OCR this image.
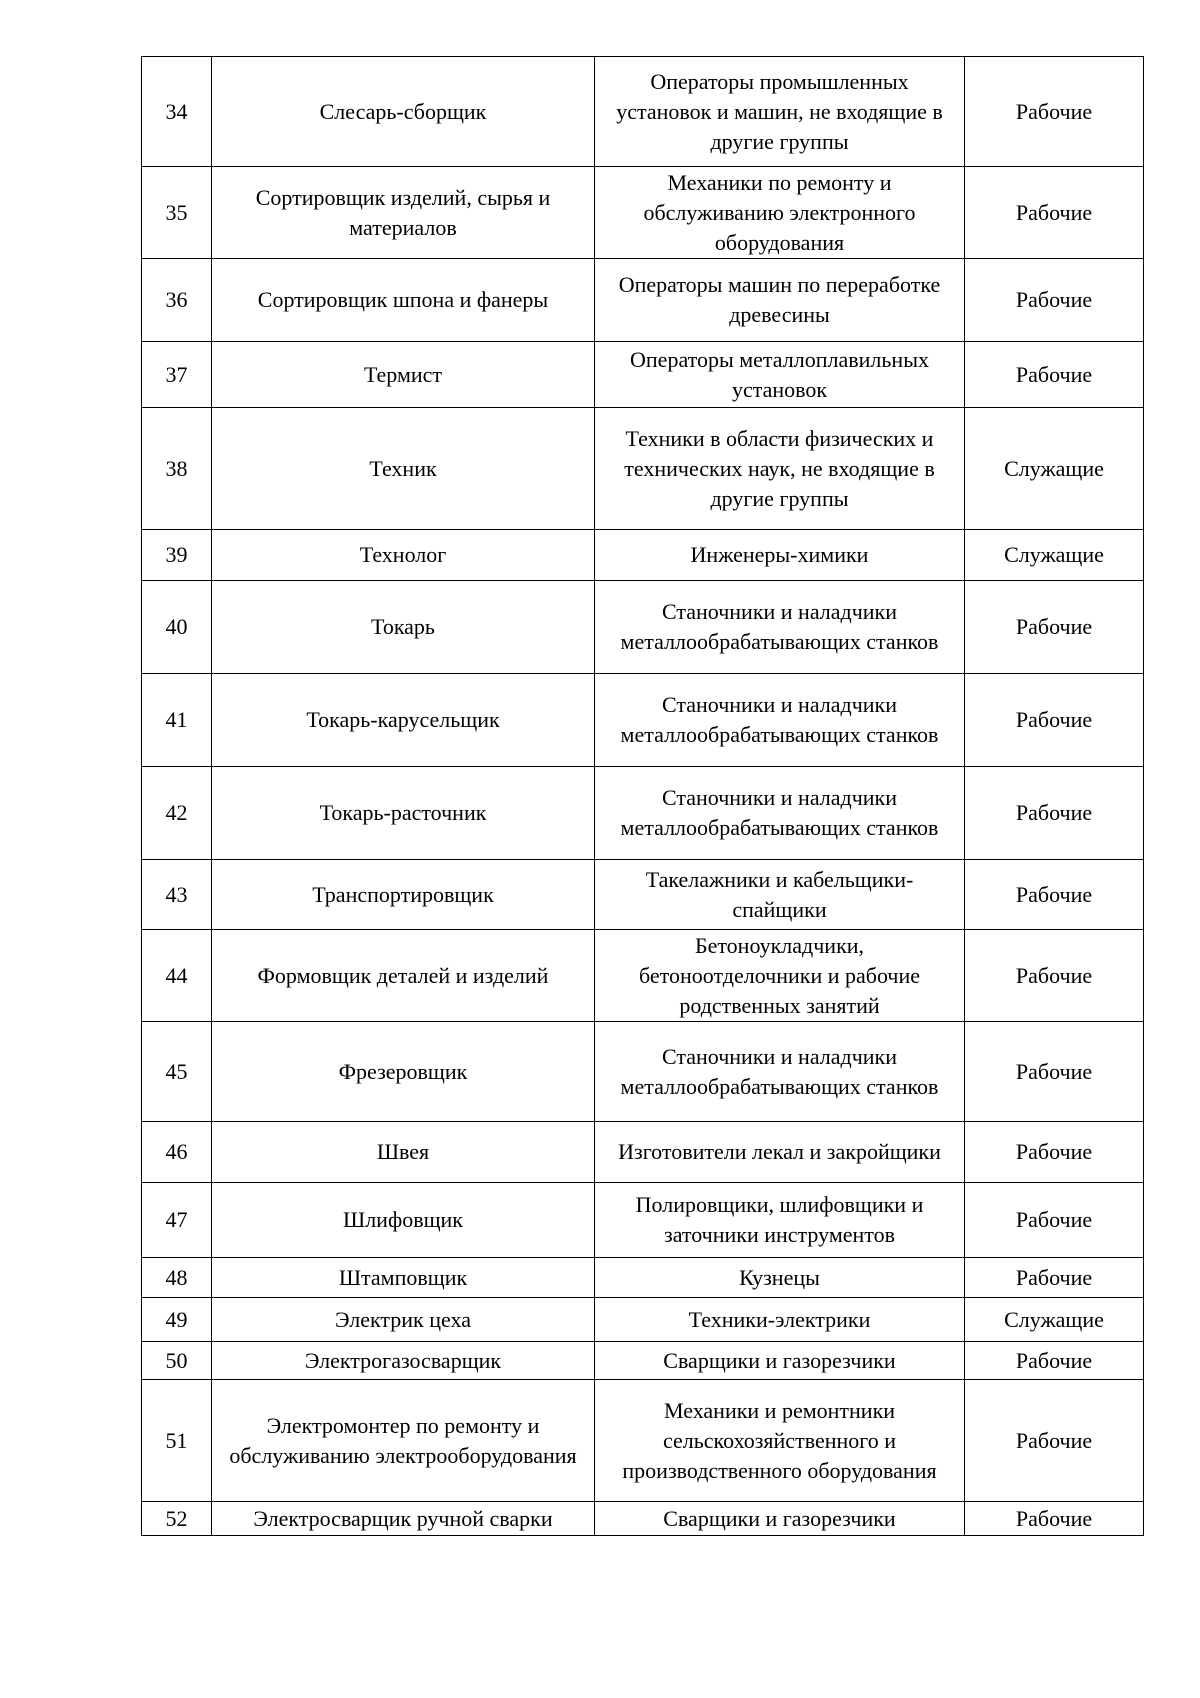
34	Слесарь-сборщик	Операторы промышленных установок и машин, не входящие в другие группы	Рабочие
35	Сортировщик изделий, сырья и материалов	Механики по ремонту и обслуживанию электронного оборудования	Рабочие
36	Сортировщик шпона и фанеры	Операторы машин по переработке древесины	Рабочие
37	Термист	Операторы металлоплавильных установок	Рабочие
38	Техник	Техники в области физических и технических наук, не входящие в другие группы	Служащие
39	Технолог	Инженеры-химики	Служащие
40	Токарь	Станочники и наладчики металлообрабатывающих станков	Рабочие
41	Токарь-карусельщик	Станочники и наладчики металлообрабатывающих станков	Рабочие
42	Токарь-расточник	Станочники и наладчики металлообрабатывающих станков	Рабочие
43	Транспортировщик	Такелажники и кабельщики-спайщики	Рабочие
44	Формовщик деталей и изделий	Бетоноукладчики, бетоноотделочники и рабочие родственных занятий	Рабочие
45	Фрезеровщик	Станочники и наладчики металлообрабатывающих станков	Рабочие
46	Швея	Изготовители лекал и закройщики	Рабочие
47	Шлифовщик	Полировщики, шлифовщики и заточники инструментов	Рабочие
48	Штамповщик	Кузнецы	Рабочие
49	Электрик цеха	Техники-электрики	Служащие
50	Электрогазосварщик	Сварщики и газорезчики	Рабочие
51	Электромонтер по ремонту и обслуживанию электрооборудования	Механики и ремонтники сельскохозяйственного и производственного оборудования	Рабочие
52	Электросварщик ручной сварки	Сварщики и газорезчики	Рабочие
